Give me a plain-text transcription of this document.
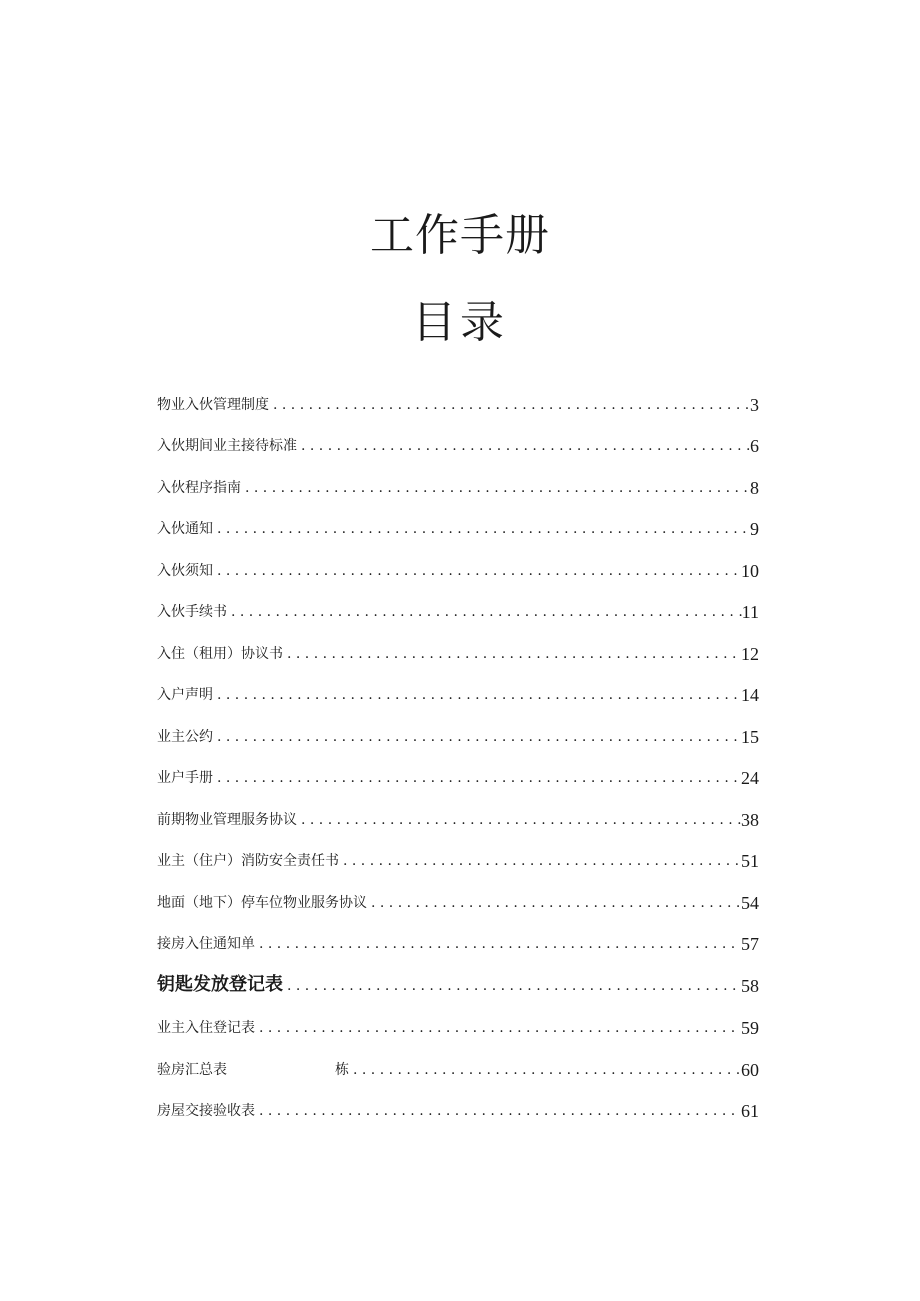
工作手册
目录
物业入伙管理制度 . . .	3
入伙期间业主接待标准 . . .	6
入伙程序指南 . . .	8
入伙通知 . . .	9
入伙须知 . . .	10
入伙手续书 . . .	11
入住（租用）协议书 . . .	12
入户声明 . . .	14
业主公约 . . .	15
业户手册 . . .	24
前期物业管理服务协议 . . .	38
业主（住户）消防安全责任书 . . .	51
地面（地下）停车位物业服务协议 . . .	54
接房入住通知单 . . .	57
钥匙发放登记表 . . .	58
业主入住登记表 . . .	59
验房汇总表	栋 . . .	60
房屋交接验收表 . . .	61
